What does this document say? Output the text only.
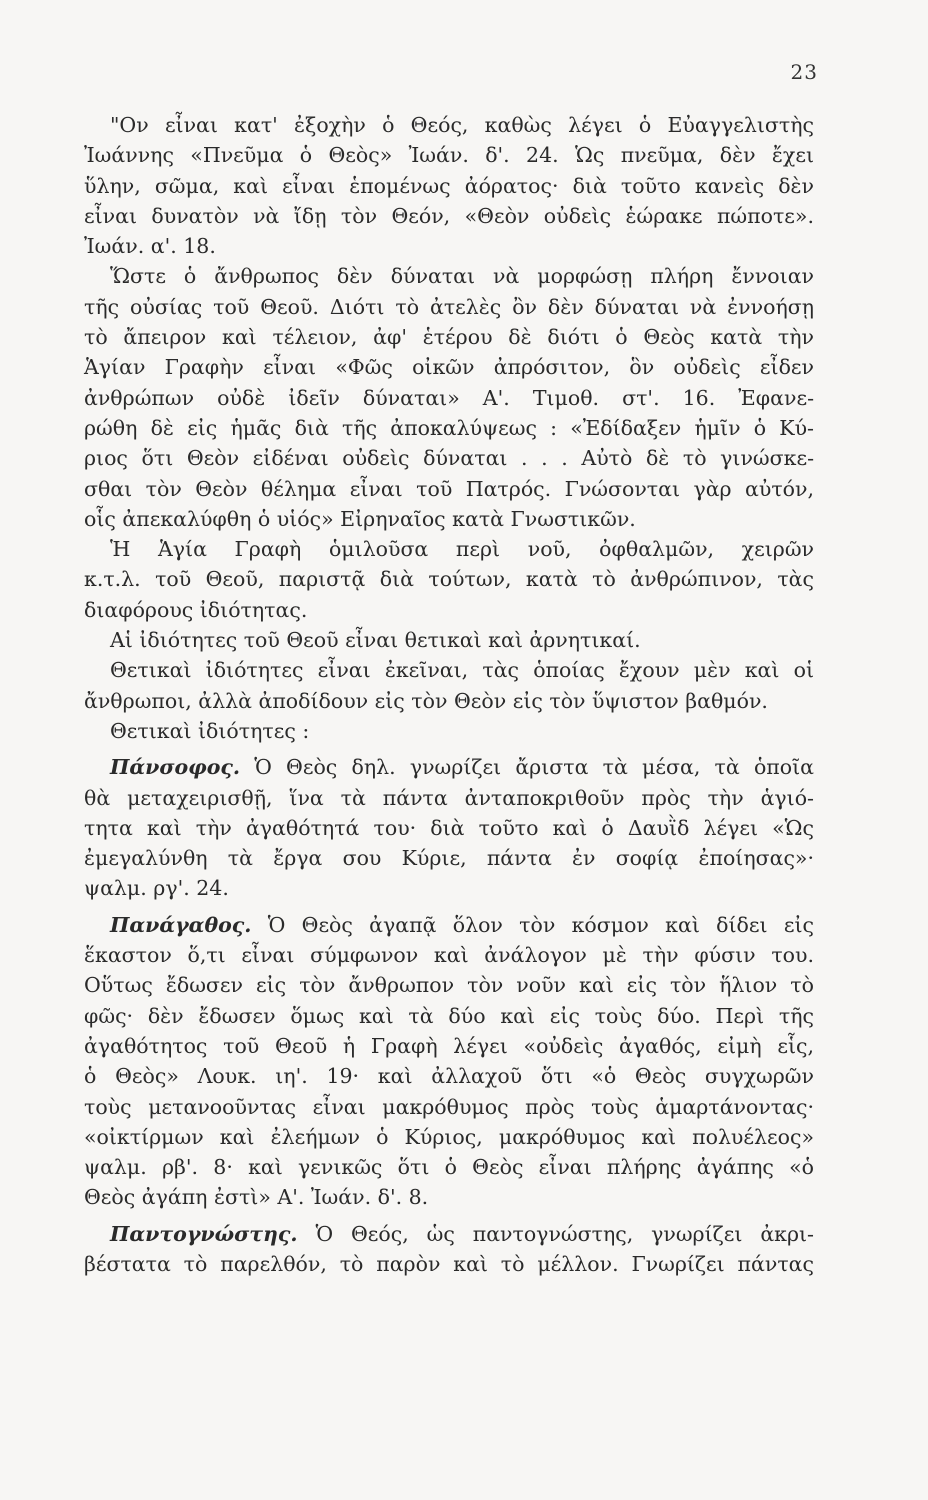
23
"Ον εἶναι κατ' ἐξοχὴν ὁ Θεός, καθὼς λέγει ὁ Εὐαγγελιστὴς
Ἰωάννης «Πνεῦμα ὁ Θεὸς» Ἰωάν. δ'. 24. Ὡς πνεῦμα, δὲν ἔχει
ὕλην, σῶμα, καὶ εἶναι ἑπομένως ἀόρατος· διὰ τοῦτο κανεὶς δὲν
εἶναι δυνατὸν νὰ ἴδῃ τὸν Θεόν, «Θεὸν οὐδεὶς ἑώρακε πώποτε».
Ἰωάν. α'. 18.
Ὥστε ὁ ἄνθρωπος δὲν δύναται νὰ μορφώσῃ πλήρη ἔννοιαν
τῆς οὐσίας τοῦ Θεοῦ. Διότι τὸ ἀτελὲς ὂν δὲν δύναται νὰ ἐννοήσῃ
τὸ ἄπειρον καὶ τέλειον, ἀφ' ἑτέρου δὲ διότι ὁ Θεὸς κατὰ τὴν
Ἁγίαν Γραφὴν εἶναι «Φῶς οἰκῶν ἀπρόσιτον, ὃν οὐδεὶς εἶδεν
ἀνθρώπων οὐδὲ ἰδεῖν δύναται» Α'. Τιμοθ. στ'. 16. Ἐφανε-
ρώθη δὲ εἰς ἡμᾶς διὰ τῆς ἀποκαλύψεως : «Ἐδίδαξεν ἡμῖν ὁ Κύ-
ριος ὅτι Θεὸν εἰδέναι οὐδεὶς δύναται . . . Αὐτὸ δὲ τὸ γινώσκε-
σθαι τὸν Θεὸν θέλημα εἶναι τοῦ Πατρός. Γνώσονται γὰρ αὐτόν,
οἷς ἀπεκαλύφθη ὁ υἱός» Εἰρηναῖος κατὰ Γνωστικῶν.
Ἡ Ἁγία Γραφὴ ὁμιλοῦσα περὶ νοῦ, ὀφθαλμῶν, χειρῶν
κ.τ.λ. τοῦ Θεοῦ, παριστᾷ διὰ τούτων, κατὰ τὸ ἀνθρώπινον, τὰς
διαφόρους ἰδιότητας.
Αἱ ἰδιότητες τοῦ Θεοῦ εἶναι θετικαὶ καὶ ἀρνητικαί.
Θετικαὶ ἰδιότητες εἶναι ἐκεῖναι, τὰς ὁποίας ἔχουν μὲν καὶ οἱ
ἄνθρωποι, ἀλλὰ ἀποδίδουν εἰς τὸν Θεὸν εἰς τὸν ὕψιστον βαθμόν.
Θετικαὶ ἰδιότητες :
Πάνσοφος. Ὁ Θεὸς δηλ. γνωρίζει ἄριστα τὰ μέσα, τὰ ὁποῖα
θὰ μεταχειρισθῇ, ἵνα τὰ πάντα ἀνταποκριθοῦν πρὸς τὴν ἁγιό-
τητα καὶ τὴν ἀγαθότητά του· διὰ τοῦτο καὶ ὁ Δαυῒδ λέγει «Ὡς
ἐμεγαλύνθη τὰ ἔργα σου Κύριε, πάντα ἐν σοφίᾳ ἐποίησας»·
ψαλμ. ργ'. 24.
Πανάγαθος. Ὁ Θεὸς ἀγαπᾷ ὅλον τὸν κόσμον καὶ δίδει εἰς
ἕκαστον ὅ,τι εἶναι σύμφωνον καὶ ἀνάλογον μὲ τὴν φύσιν του.
Οὕτως ἔδωσεν εἰς τὸν ἄνθρωπον τὸν νοῦν καὶ εἰς τὸν ἥλιον τὸ
φῶς· δὲν ἔδωσεν ὅμως καὶ τὰ δύο καὶ εἰς τοὺς δύο. Περὶ τῆς
ἀγαθότητος τοῦ Θεοῦ ἡ Γραφὴ λέγει «οὐδεὶς ἀγαθός, εἰμὴ εἷς,
ὁ Θεὸς» Λουκ. ιη'. 19· καὶ ἀλλαχοῦ ὅτι «ὁ Θεὸς συγχωρῶν
τοὺς μετανοοῦντας εἶναι μακρόθυμος πρὸς τοὺς ἁμαρτάνοντας·
«οἰκτίρμων καὶ ἐλεήμων ὁ Κύριος, μακρόθυμος καὶ πολυέλεος»
ψαλμ. ρβ'. 8· καὶ γενικῶς ὅτι ὁ Θεὸς εἶναι πλήρης ἀγάπης «ὁ
Θεὸς ἀγάπη ἐστὶ» Α'. Ἰωάν. δ'. 8.
Παντογνώστης. Ὁ Θεός, ὡς παντογνώστης, γνωρίζει ἀκρι-
βέστατα τὸ παρελθόν, τὸ παρὸν καὶ τὸ μέλλον. Γνωρίζει πάντας
